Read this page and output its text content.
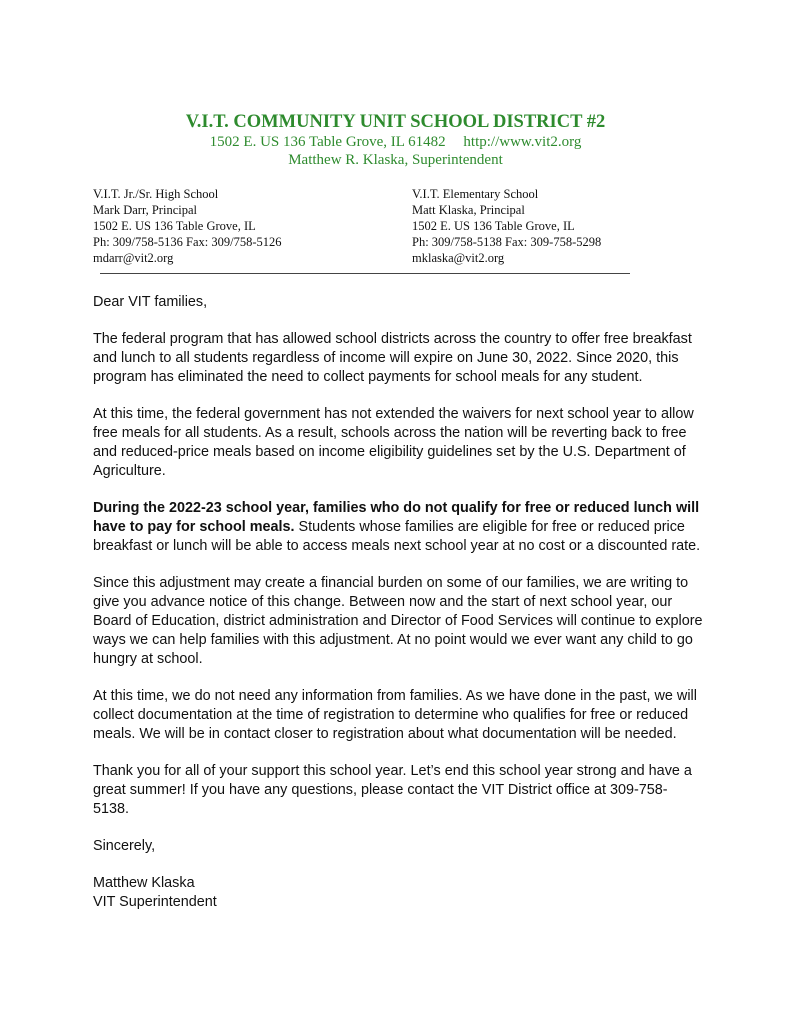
V.I.T. COMMUNITY UNIT SCHOOL DISTRICT #2
1502 E. US 136 Table Grove, IL 61482 http://www.vit2.org
Matthew R. Klaska, Superintendent
V.I.T. Jr./Sr. High School
Mark Darr, Principal
1502 E. US 136 Table Grove, IL
Ph: 309/758-5136 Fax: 309/758-5126
mdarr@vit2.org
V.I.T. Elementary School
Matt Klaska, Principal
1502 E. US 136 Table Grove, IL
Ph: 309/758-5138 Fax: 309-758-5298
mklaska@vit2.org

Dear VIT families,

The federal program that has allowed school districts across the country to offer free breakfast and lunch to all students regardless of income will expire on June 30, 2022. Since 2020, this program has eliminated the need to collect payments for school meals for any student.

At this time, the federal government has not extended the waivers for next school year to allow free meals for all students. As a result, schools across the nation will be reverting back to free and reduced-price meals based on income eligibility guidelines set by the U.S. Department of Agriculture.

During the 2022-23 school year, families who do not qualify for free or reduced lunch will have to pay for school meals. Students whose families are eligible for free or reduced price breakfast or lunch will be able to access meals next school year at no cost or a discounted rate.

Since this adjustment may create a financial burden on some of our families, we are writing to give you advance notice of this change. Between now and the start of next school year, our Board of Education, district administration and Director of Food Services will continue to explore ways we can help families with this adjustment. At no point would we ever want any child to go hungry at school.

At this time, we do not need any information from families. As we have done in the past, we will collect documentation at the time of registration to determine who qualifies for free or reduced meals. We will be in contact closer to registration about what documentation will be needed.

Thank you for all of your support this school year. Let’s end this school year strong and have a great summer! If you have any questions, please contact the VIT District office at 309-758-5138.

Sincerely,

Matthew Klaska
VIT Superintendent
